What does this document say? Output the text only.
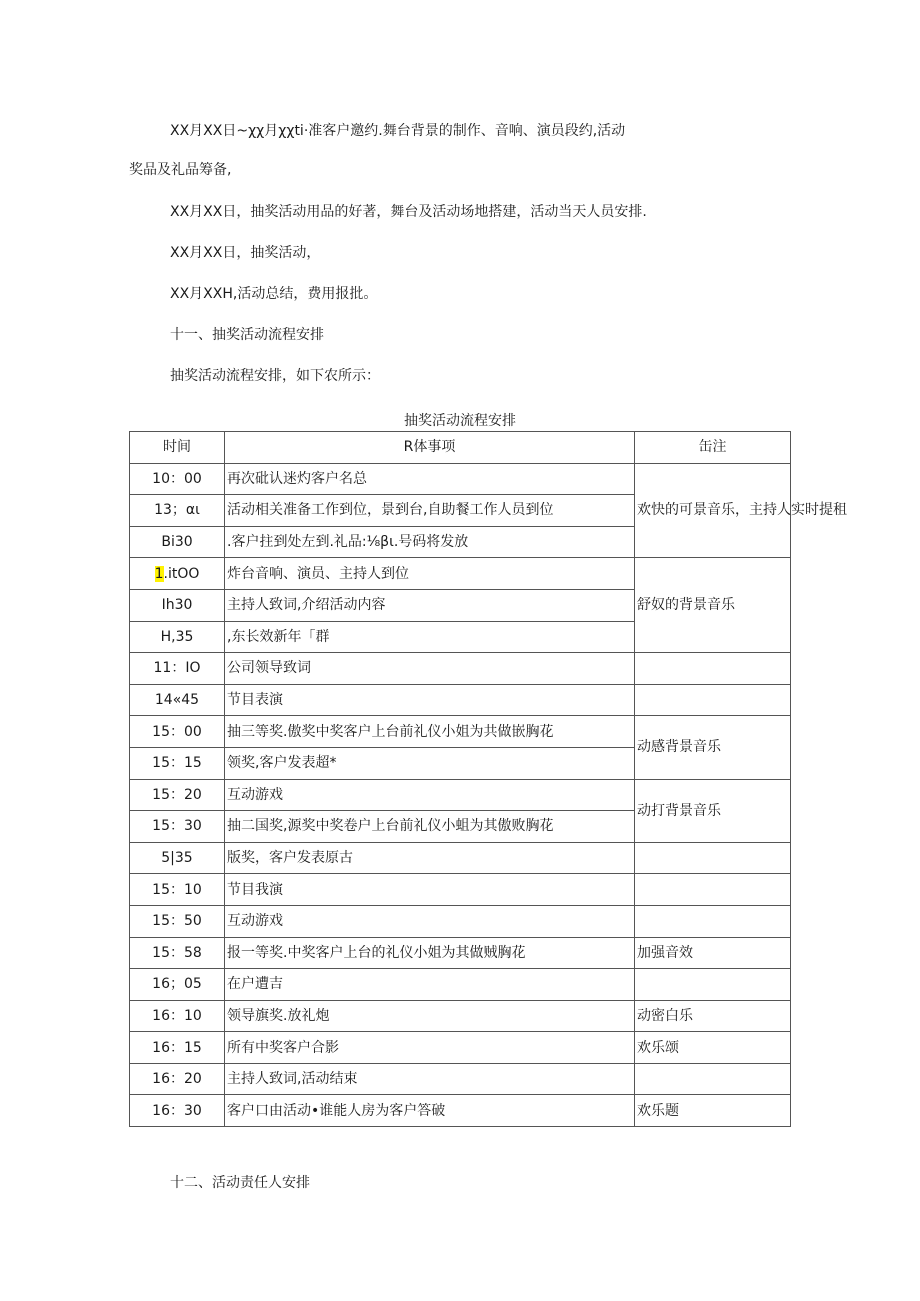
XX月XX日~χχ月χχti·准客户邀约.舞台背景的制作、音响、演员段约,活动
奖品及礼品筹备,
XX月XX日，抽奖活动用品的好著，舞台及活动场地搭建，活动当天人员安排.
XX月XX日，抽奖活动，
XX月XXH,活动总结，费用报批。
十一、抽奖活动流程安排
抽奖活动流程安排，如下农所示：
抽奖活动流程安排
时间	R体事项	缶注
10：00	再次砒认迷灼客户名总	欢快的可景音乐，主持人实时提租
13；αι	活动相关准备工作到位，景到台,自助餐工作人员到位	
Bi30	.客户拄到处左到.礼品:⅛βι.号码将发放	
1.itOO	炸台音响、演员、主持人到位	舒奴的背景音乐
Ih30	主持人致词,介绍活动内容	
H,35	,东长效新年「群	
11：IO	公司领导致词	
14«45	节目表演	
15：00	抽三等奖.傲奖中奖客户上台前礼仪小姐为共做嵌胸花	动感背景音乐
15：15	领奖,客户发表超*	
15：20	互动游戏	动打背景音乐
15：30	抽二国奖,源奖中奖卷户上台前礼仪小蛆为其傲败胸花	
5|35	版奖，客户发表原古	
15：10	节目我演	
15：50	互动游戏	
15：58	报一等奖.中奖客户上台的礼仪小姐为其做贼胸花	加强音效
16；05	在户遭吉	
16：10	领导旗奖.放礼炮	动密白乐
16：15	所有中奖客户合影	欢乐颂
16：20	主持人致词,活动结束	
16：30	客户口由活动•谁能人房为客户答破	欢乐题
十二、活动责任人安排
